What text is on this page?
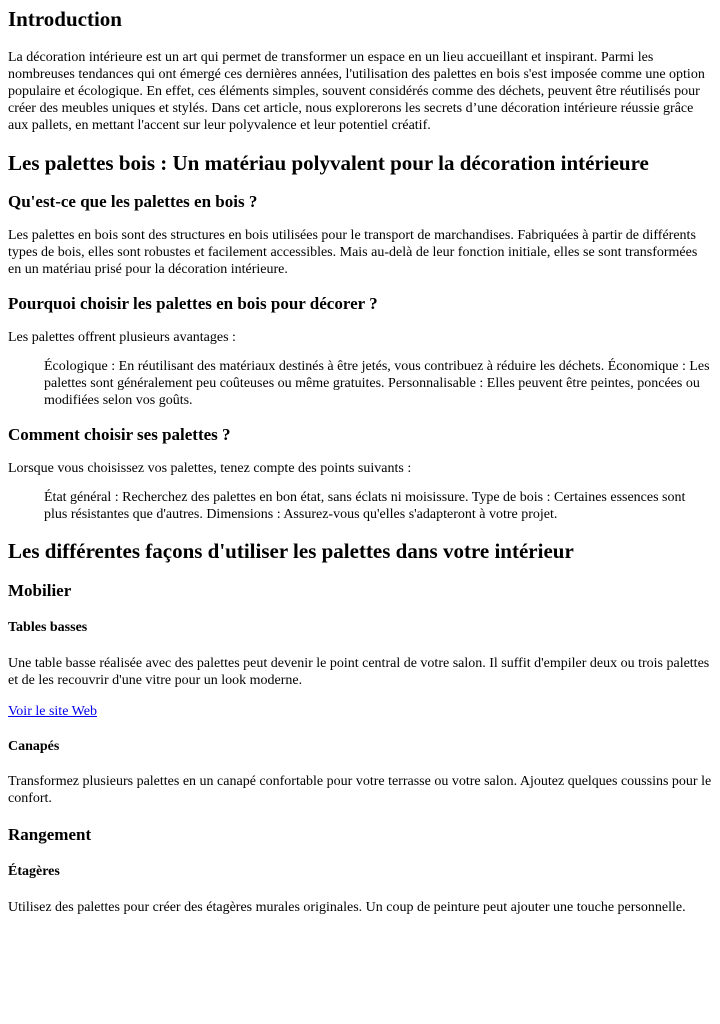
Introduction

La décoration intérieure est un art qui permet de transformer un espace en un lieu accueillant et inspirant. Parmi les nombreuses tendances qui ont émergé ces dernières années, l'utilisation des palettes en bois s'est imposée comme une option populaire et écologique. En effet, ces éléments simples, souvent considérés comme des déchets, peuvent être réutilisés pour créer des meubles uniques et stylés. Dans cet article, nous explorerons les secrets d’une décoration intérieure réussie grâce aux pallets, en mettant l'accent sur leur polyvalence et leur potentiel créatif.

Les palettes bois : Un matériau polyvalent pour la décoration intérieure
Qu'est-ce que les palettes en bois ?

Les palettes en bois sont des structures en bois utilisées pour le transport de marchandises. Fabriquées à partir de différents types de bois, elles sont robustes et facilement accessibles. Mais au-delà de leur fonction initiale, elles se sont transformées en un matériau prisé pour la décoration intérieure.

Pourquoi choisir les palettes en bois pour décorer ?

Les palettes offrent plusieurs avantages :

Écologique : En réutilisant des matériaux destinés à être jetés, vous contribuez à réduire les déchets. Économique : Les palettes sont généralement peu coûteuses ou même gratuites. Personnalisable : Elles peuvent être peintes, poncées ou modifiées selon vos goûts.
Comment choisir ses palettes ?

Lorsque vous choisissez vos palettes, tenez compte des points suivants :

État général : Recherchez des palettes en bon état, sans éclats ni moisissure. Type de bois : Certaines essences sont plus résistantes que d'autres. Dimensions : Assurez-vous qu'elles s'adapteront à votre projet.
Les différentes façons d'utiliser les palettes dans votre intérieur
Mobilier
Tables basses

Une table basse réalisée avec des palettes peut devenir le point central de votre salon. Il suffit d'empiler deux ou trois palettes et de les recouvrir d'une vitre pour un look moderne.

Voir le site Web

Canapés

Transformez plusieurs palettes en un canapé confortable pour votre terrasse ou votre salon. Ajoutez quelques coussins pour le confort.

Rangement
Étagères

Utilisez des palettes pour créer des étagères murales originales. Un coup de peinture peut ajouter une touche personnelle.
